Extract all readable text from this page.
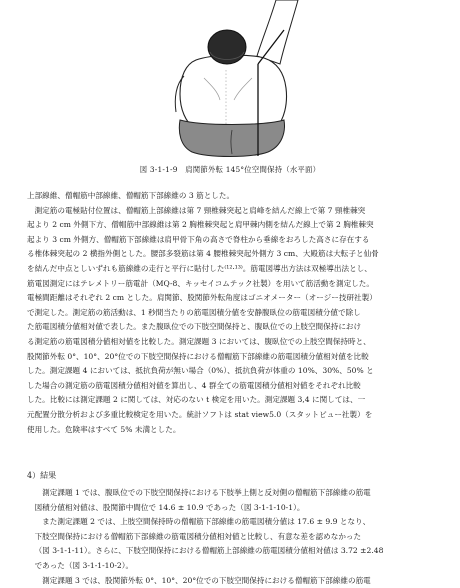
図 3-1-1-9　肩関節外転 145°位空間保持（水平面）

上部線維、僧帽筋中部線維、僧帽筋下部線維の 3 筋とした。

　測定筋の電極貼付位置は、僧帽筋上部線維は第 7 頸椎棘突起と肩峰を結んだ線上で第 7 頸椎棘突

起より 2 cm 外側下方、僧帽筋中部線維は第 2 胸椎棘突起と肩甲棘内側を結んだ線上で第 2 胸椎棘突

起より 3 cm 外側方、僧帽筋下部線維は肩甲骨下角の高さで脊柱から垂線をおろした高さに存在する

る椎体棘突起の 2 横指外側とした。腰部多裂筋は第 4 腰椎棘突起外側方 3 cm、大殿筋は大転子と仙骨

を結んだ中点としいずれも筋線維の走行と平行に貼付した⁽¹²·¹³⁾。筋電図導出方法は双極導出法とし、

筋電図測定にはテレメトリー筋電計（MQ-8、キッセイコムテック社製）を用いて筋活動を測定した。

電極間距離はそれぞれ 2 cm とした。肩関節、股関節外転角度はゴニオメーター（オージー技研社製）

で測定した。測定筋の筋活動は、1 秒間当たりの筋電図積分値を安静腹臥位の筋電図積分値で除し

た筋電図積分値相対値で表した。また腹臥位での下肢空間保持と、腹臥位での上肢空間保持におけ

る測定筋の筋電図積分値相対値を比較した。測定課題 3 においては、腹臥位での上肢空間保持時と、

股関節外転 0°、10°、20°位での下肢空間保持における僧帽筋下部線維の筋電図積分値相対値を比較

した。測定課題 4 においては、抵抗負荷が無い場合（0%）、抵抗負荷が体重の 10%、30%、50% と

した場合の測定筋の筋電図積分値相対値を算出し、4 群全ての筋電図積分値相対値をそれぞれ比較

した。比較には測定課題 2 に関しては、対応のない t 検定を用いた。測定課題 3,4 に関しては、一

元配置分散分析および多重比較検定を用いた。統計ソフトは stat view5.0（スタットビュー社製）を

使用した。危険率はすべて 5% 未満とした。

4）結果

　測定課題 1 では、腹臥位での下肢空間保持における下肢挙上側と反対側の僧帽筋下部線維の筋電

図積分値相対値は、股関節中間位で 14.6 ± 10.9 であった（図 3-1-1-10-1）。

　また測定課題 2 では、上肢空間保持時の僧帽筋下部線維の筋電図積分値は 17.6 ± 9.9 となり、

下肢空間保持における僧帽筋下部線維の筋電図積分値相対値と比較し、有意な差を認めなかった

（図 3-1-1-11）。さらに、下肢空間保持における僧帽筋上部線維の筋電図積分値相対値は 3.72 ±2.48

であった（図 3-1-1-10-2）。

　測定課題 3 では、股関節外転 0°、10°、20°位での下肢空間保持における僧帽筋下部線維の筋電
